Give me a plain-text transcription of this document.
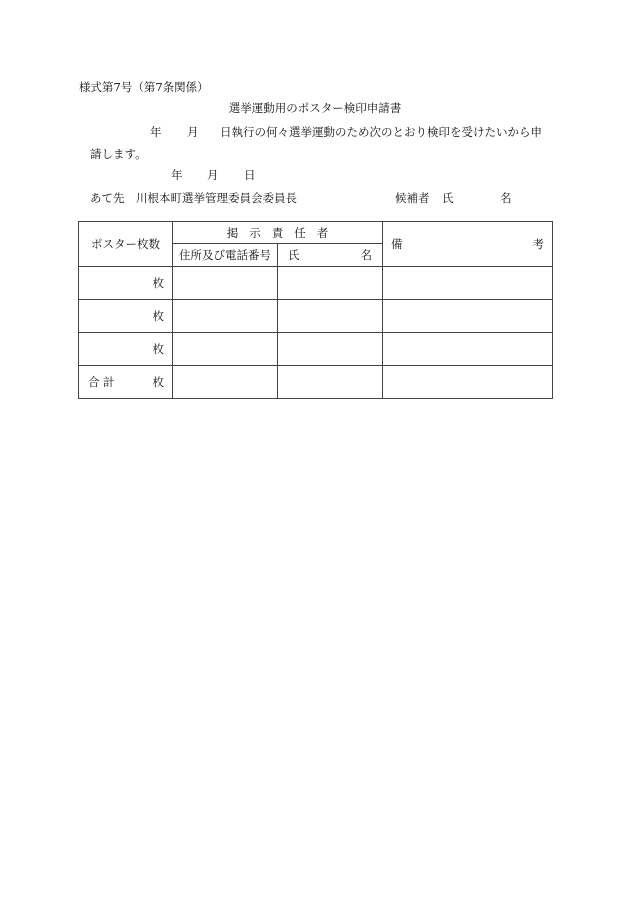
様式第7号（第7条関係）
選挙運動用のポスター検印申請書
年 月 日執行の何々選挙運動のため次のとおり検印を受けたいから申
請します。
年 月 日
あて先　川根本町選挙管理委員会委員長	候補者 氏	名
ポスター枚数	掲示責任者		備 考

	住所及び電話番号	氏 名	

枚			
枚			
枚			

合 計 枚			
